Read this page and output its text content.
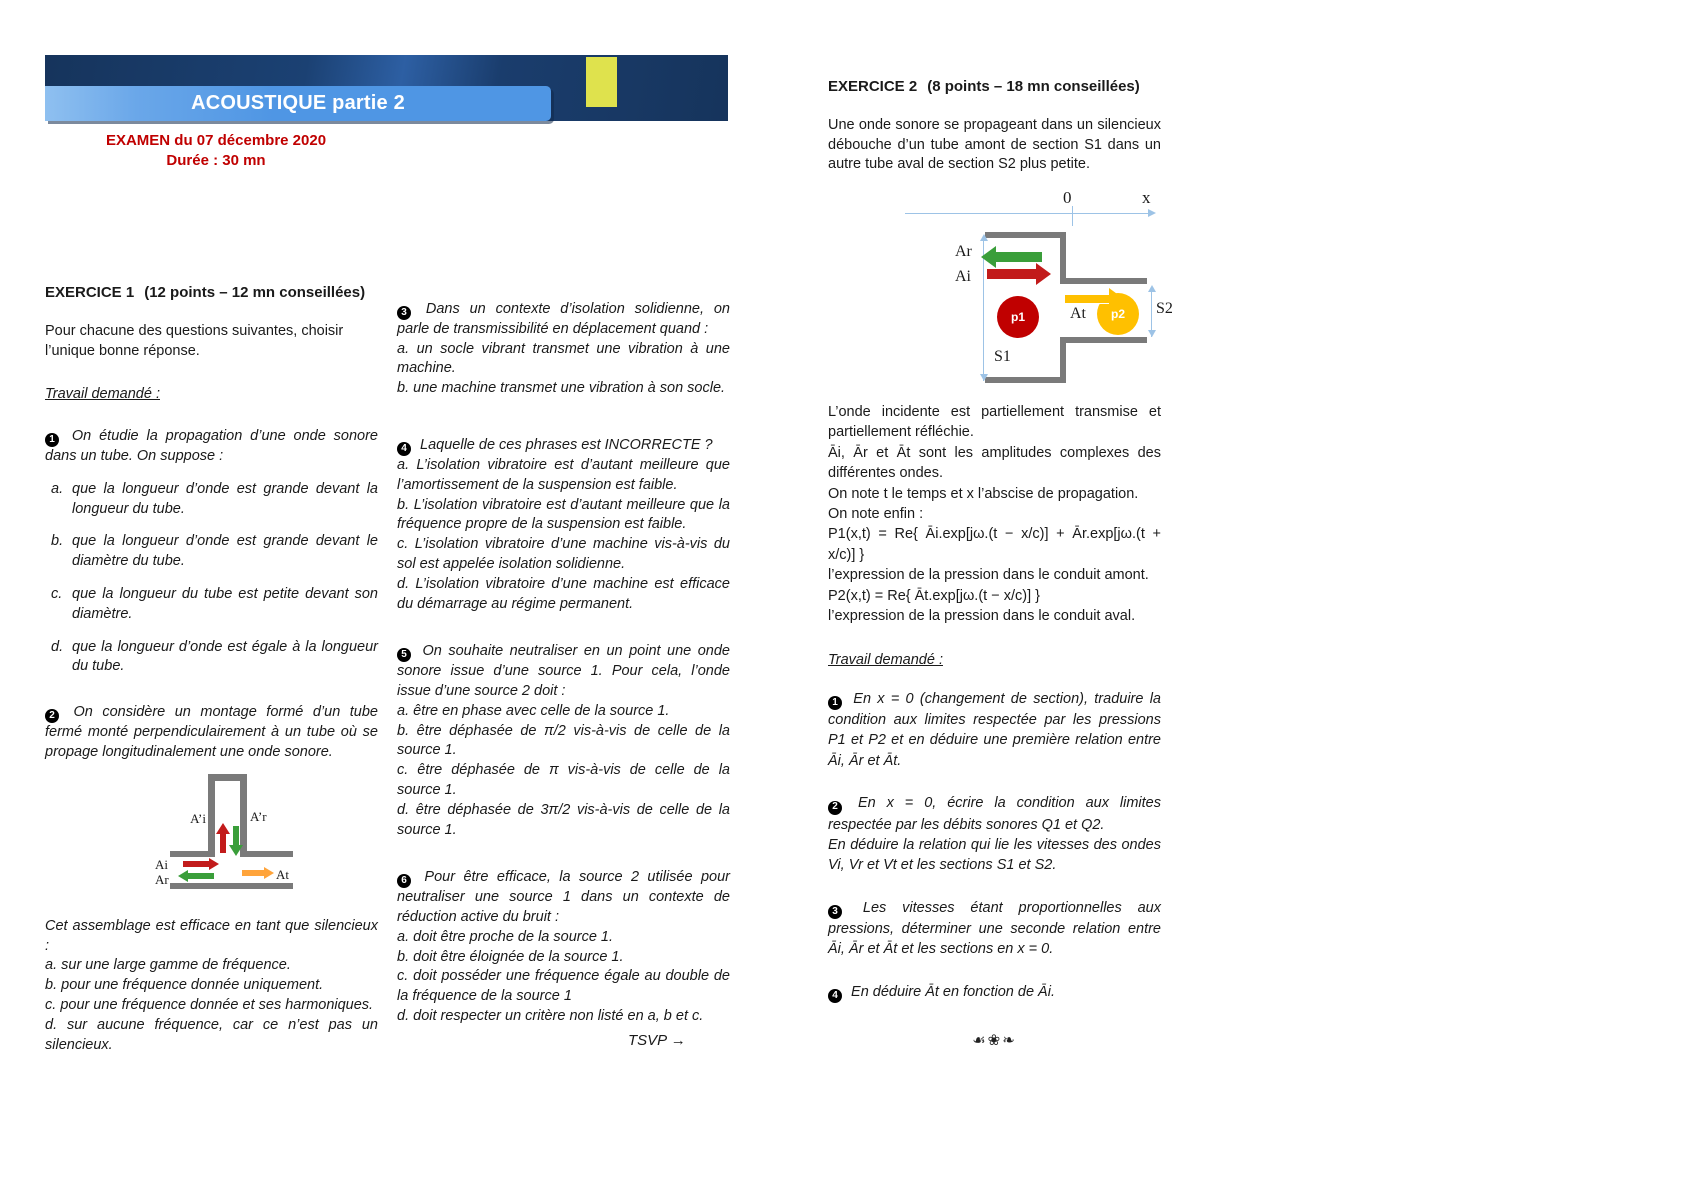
ACOUSTIQUE partie 2

EXAMEN du 07 décembre 2020

Durée : 30 mn

EXERCICE 1 (12 points – 12 mn conseillées)

Pour chacune des questions suivantes, choisir l’unique bonne réponse.

Travail demandé :

1 On étudie la propagation d’une onde sonore dans un tube. On suppose :

a. que la longueur d’onde est grande devant la longueur du tube.
b. que la longueur d’onde est grande devant le diamètre du tube.
c. que la longueur du tube est petite devant son diamètre.
d. que la longueur d’onde est égale à la longueur du tube.

2 On considère un montage formé d’un tube fermé monté perpendiculairement à un tube où se propage longitudinalement une onde sonore.

A’i	A’r
Ai
Ar	At

Cet assemblage est efficace en tant que silencieux :

a. sur une large gamme de fréquence.

b. pour une fréquence donnée uniquement.

c. pour une fréquence donnée et ses harmoniques.

d. sur aucune fréquence, car ce n’est pas un silencieux.

3 Dans un contexte d’isolation solidienne, on parle de transmissibilité en déplacement quand :

a. un socle vibrant transmet une vibration à une machine.

b. une machine transmet une vibration à son socle.

4 Laquelle de ces phrases est INCORRECTE ?

a. L’isolation vibratoire est d’autant meilleure que l’amortissement de la suspension est faible.

b. L’isolation vibratoire est d’autant meilleure que la fréquence propre de la suspension est faible.

c. L’isolation vibratoire d’une machine vis-à-vis du sol est appelée isolation solidienne.

d. L’isolation vibratoire d’une machine est efficace du démarrage au régime permanent.

5 On souhaite neutraliser en un point une onde sonore issue d’une source 1. Pour cela, l’onde issue d’une source 2 doit :

a. être en phase avec celle de la source 1.

b. être déphasée de π/2 vis-à-vis de celle de la source 1.

c. être déphasée de π vis-à-vis de celle de la source 1.

d. être déphasée de 3π/2 vis-à-vis de celle de la source 1.

6 Pour être efficace, la source 2 utilisée pour neutraliser une source 1 dans un contexte de réduction active du bruit :

a. doit être proche de la source 1.

b. doit être éloignée de la source 1.

c. doit posséder une fréquence égale au double de la fréquence de la source 1

d. doit respecter un critère non listé en a, b et c.

TSVP →

EXERCICE 2 (8 points – 18 mn conseillées)

Une onde sonore se propageant dans un silencieux débouche d’un tube amont de section S1 dans un autre tube aval de section S2 plus petite.

0	x
p1	p2
Ar
Ai
At
S1
S2

L’onde incidente est partiellement transmise et partiellement réfléchie.

Āi, Ār et Āt sont les amplitudes complexes des différentes ondes.

On note t le temps et x l’abscise de propagation.

On note enfin :

P1(x,t) = Re{ Āi.exp[jω.(t − x/c)] + Ār.exp[jω.(t + x/c)] }

l’expression de la pression dans le conduit amont.

P2(x,t) = Re{ Āt.exp[jω.(t − x/c)] }

l’expression de la pression dans le conduit aval.

Travail demandé :

1 En x = 0 (changement de section), traduire la condition aux limites respectée par les pressions P1 et P2 et en déduire une première relation entre Āi, Ār et Āt.

2 En x = 0, écrire la condition aux limites respectée par les débits sonores Q1 et Q2.

En déduire la relation qui lie les vitesses des ondes Vi, Vr et Vt et les sections S1 et S2.

3 Les vitesses étant proportionnelles aux pressions, déterminer une seconde relation entre Āi, Ār et Āt et les sections en x = 0.

4 En déduire Āt en fonction de Āi.

☙❀❧
